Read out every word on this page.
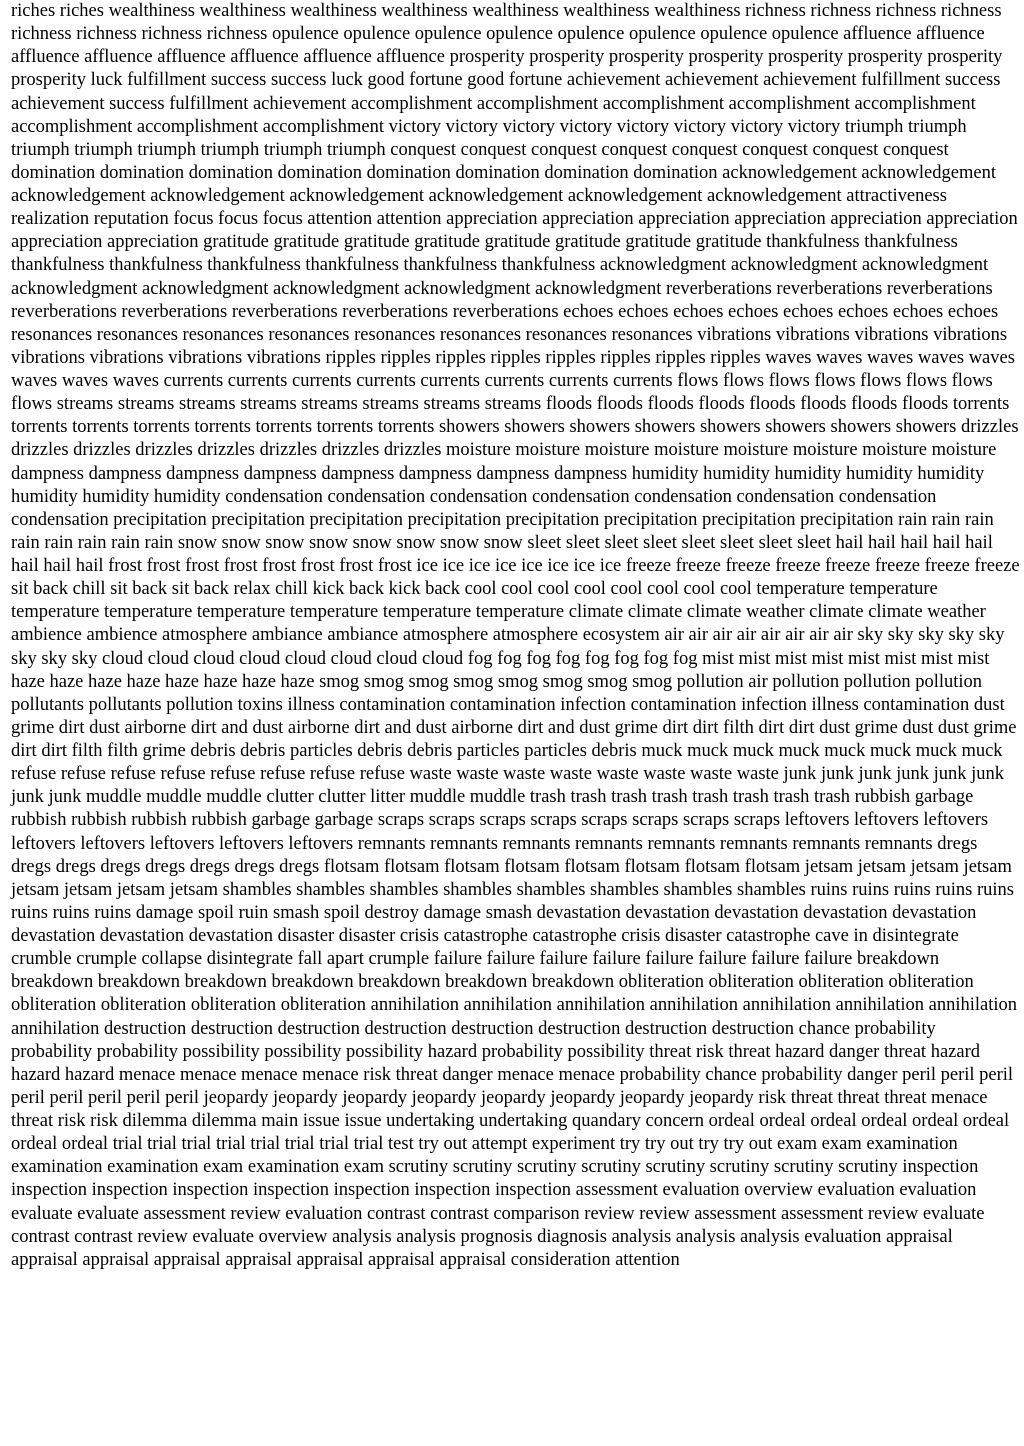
riches riches wealthiness wealthiness wealthiness wealthiness wealthiness wealthiness wealthiness richness richness richness richness richness richness richness richness opulence opulence opulence opulence opulence opulence opulence opulence affluence affluence affluence affluence affluence affluence affluence affluence prosperity prosperity prosperity prosperity prosperity prosperity prosperity prosperity luck fulfillment success success luck good fortune good fortune achievement achievement achievement fulfillment success achievement success fulfillment achievement accomplishment accomplishment accomplishment accomplishment accomplishment accomplishment accomplishment accomplishment victory victory victory victory victory victory victory victory triumph triumph triumph triumph triumph triumph triumph triumph conquest conquest conquest conquest conquest conquest conquest conquest domination domination domination domination domination domination domination domination acknowledgement acknowledgement acknowledgement acknowledgement acknowledgement acknowledgement acknowledgement acknowledgement attractiveness realization reputation focus focus focus attention attention appreciation appreciation appreciation appreciation appreciation appreciation appreciation appreciation gratitude gratitude gratitude gratitude gratitude gratitude gratitude gratitude thankfulness thankfulness thankfulness thankfulness thankfulness thankfulness thankfulness thankfulness acknowledgment acknowledgment acknowledgment acknowledgment acknowledgment acknowledgment acknowledgment acknowledgment reverberations reverberations reverberations reverberations reverberations reverberations reverberations reverberations echoes echoes echoes echoes echoes echoes echoes echoes resonances resonances resonances resonances resonances resonances resonances resonances vibrations vibrations vibrations vibrations vibrations vibrations vibrations vibrations ripples ripples ripples ripples ripples ripples ripples ripples waves waves waves waves waves waves waves waves currents currents currents currents currents currents currents currents flows flows flows flows flows flows flows flows streams streams streams streams streams streams streams streams floods floods floods floods floods floods floods floods torrents torrents torrents torrents torrents torrents torrents torrents showers showers showers showers showers showers showers showers drizzles drizzles drizzles drizzles drizzles drizzles drizzles drizzles moisture moisture moisture moisture moisture moisture moisture moisture dampness dampness dampness dampness dampness dampness dampness dampness humidity humidity humidity humidity humidity humidity humidity humidity condensation condensation condensation condensation condensation condensation condensation condensation precipitation precipitation precipitation precipitation precipitation precipitation precipitation precipitation rain rain rain rain rain rain rain rain snow snow snow snow snow snow snow snow sleet sleet sleet sleet sleet sleet sleet sleet hail hail hail hail hail hail hail hail frost frost frost frost frost frost frost frost ice ice ice ice ice ice ice ice freeze freeze freeze freeze freeze freeze freeze freeze sit back chill sit back sit back relax chill kick back kick back cool cool cool cool cool cool cool cool temperature temperature temperature temperature temperature temperature temperature temperature climate climate climate weather climate climate weather ambience ambience atmosphere ambiance ambiance atmosphere atmosphere ecosystem air air air air air air air air sky sky sky sky sky sky sky sky cloud cloud cloud cloud cloud cloud cloud cloud fog fog fog fog fog fog fog fog mist mist mist mist mist mist mist mist haze haze haze haze haze haze haze haze smog smog smog smog smog smog smog smog pollution air pollution pollution pollution pollutants pollutants pollution toxins illness contamination contamination infection contamination infection illness contamination dust grime dirt dust airborne dirt and dust airborne dirt and dust airborne dirt and dust grime dirt dirt filth dirt dirt dust grime dust dust grime dirt dirt filth filth grime debris debris particles debris debris particles particles debris muck muck muck muck muck muck muck muck refuse refuse refuse refuse refuse refuse refuse refuse waste waste waste waste waste waste waste waste junk junk junk junk junk junk junk junk muddle muddle muddle clutter clutter litter muddle muddle trash trash trash trash trash trash trash trash rubbish garbage rubbish rubbish rubbish rubbish garbage garbage scraps scraps scraps scraps scraps scraps scraps scraps leftovers leftovers leftovers leftovers leftovers leftovers leftovers leftovers remnants remnants remnants remnants remnants remnants remnants remnants dregs dregs dregs dregs dregs dregs dregs dregs flotsam flotsam flotsam flotsam flotsam flotsam flotsam flotsam jetsam jetsam jetsam jetsam jetsam jetsam jetsam jetsam shambles shambles shambles shambles shambles shambles shambles shambles ruins ruins ruins ruins ruins ruins ruins ruins damage spoil ruin smash spoil destroy damage smash devastation devastation devastation devastation devastation devastation devastation devastation disaster disaster crisis catastrophe catastrophe crisis disaster catastrophe cave in disintegrate crumble crumple collapse disintegrate fall apart crumple failure failure failure failure failure failure failure failure breakdown breakdown breakdown breakdown breakdown breakdown breakdown breakdown obliteration obliteration obliteration obliteration obliteration obliteration obliteration obliteration annihilation annihilation annihilation annihilation annihilation annihilation annihilation annihilation destruction destruction destruction destruction destruction destruction destruction destruction chance probability probability probability possibility possibility possibility hazard probability possibility threat risk threat hazard danger threat hazard hazard hazard menace menace menace menace risk threat danger menace menace probability chance probability danger peril peril peril peril peril peril peril peril jeopardy jeopardy jeopardy jeopardy jeopardy jeopardy jeopardy jeopardy risk threat threat threat menace threat risk risk dilemma dilemma main issue issue undertaking undertaking quandary concern ordeal ordeal ordeal ordeal ordeal ordeal ordeal ordeal trial trial trial trial trial trial trial trial test try out attempt experiment try try out try try out exam exam examination examination examination exam examination exam scrutiny scrutiny scrutiny scrutiny scrutiny scrutiny scrutiny scrutiny inspection inspection inspection inspection inspection inspection inspection inspection assessment evaluation overview evaluation evaluation evaluate evaluate assessment review evaluation contrast contrast comparison review review assessment assessment review evaluate contrast contrast review evaluate overview analysis analysis prognosis diagnosis analysis analysis analysis evaluation appraisal appraisal appraisal appraisal appraisal appraisal appraisal appraisal consideration attention
